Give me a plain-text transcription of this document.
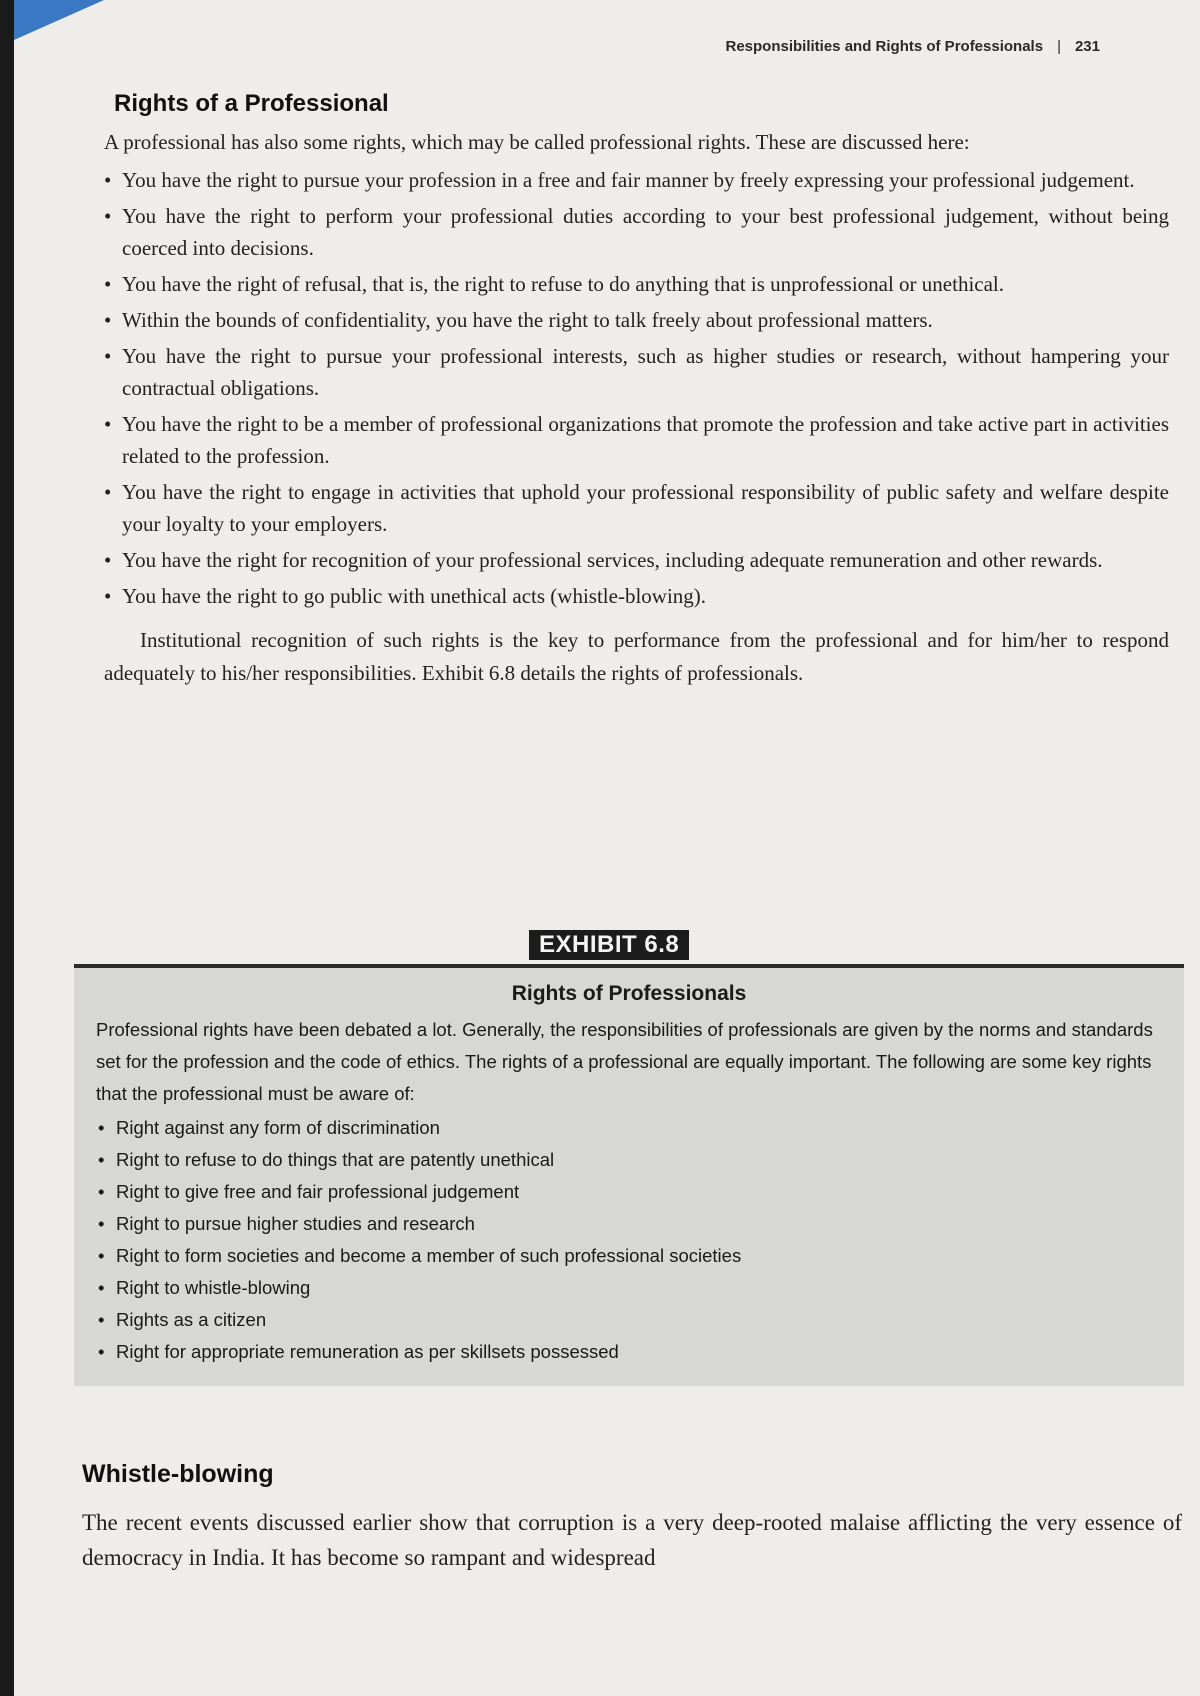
Responsibilities and Rights of Professionals | 231
Rights of a Professional

A professional has also some rights, which may be called professional rights. These are discussed here:

• You have the right to pursue your profession in a free and fair manner by freely expressing your professional judgement.
• You have the right to perform your professional duties according to your best professional judgement, without being coerced into decisions.
• You have the right of refusal, that is, the right to refuse to do anything that is unprofessional or unethical.
• Within the bounds of confidentiality, you have the right to talk freely about professional matters.
• You have the right to pursue your professional interests, such as higher studies or research, without hampering your contractual obligations.
• You have the right to be a member of professional organizations that promote the profession and take active part in activities related to the profession.
• You have the right to engage in activities that uphold your professional responsibility of public safety and welfare despite your loyalty to your employers.
• You have the right for recognition of your professional services, including adequate remuneration and other rewards.
• You have the right to go public with unethical acts (whistle-blowing).

Institutional recognition of such rights is the key to performance from the professional and for him/her to respond adequately to his/her responsibilities. Exhibit 6.8 details the rights of professionals.

EXHIBIT 6.8
Rights of Professionals

Professional rights have been debated a lot. Generally, the responsibilities of professionals are given by the norms and standards set for the profession and the code of ethics. The rights of a professional are equally important. The following are some key rights that the professional must be aware of:

• Right against any form of discrimination
• Right to refuse to do things that are patently unethical
• Right to give free and fair professional judgement
• Right to pursue higher studies and research
• Right to form societies and become a member of such professional societies
• Right to whistle-blowing
• Rights as a citizen
• Right for appropriate remuneration as per skillsets possessed
Whistle-blowing

The recent events discussed earlier show that corruption is a very deep-rooted malaise afflicting the very essence of democracy in India. It has become so rampant and widespread
